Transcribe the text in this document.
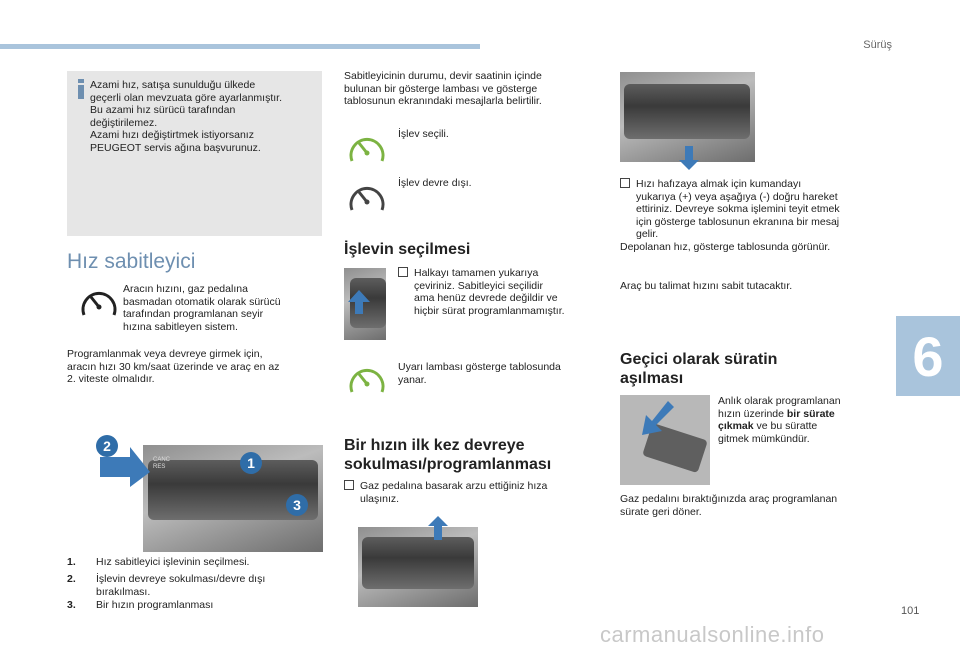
Sürüş
6
Azami hız, satışa sunulduğu ülkede
geçerli olan mevzuata göre ayarlanmıştır.
Bu azami hız sürücü tarafından
değiştirilemez.
Azami hızı değiştirtmek istiyorsanız
PEUGEOT servis ağına başvurunuz.
Hız sabitleyici
Aracın hızını, gaz pedalına
basmadan otomatik olarak sürücü
tarafından programlanan seyir
hızına sabitleyen sistem.
Programlanmak veya devreye girmek için,
aracın hızı 30 km/saat üzerinde ve araç en az
2. viteste olmalıdır.
CANC
RES
2
1
3
1. Hız sabitleyici işlevinin seçilmesi.
2. İşlevin devreye sokulması/devre dışı
bırakılması.
3. Bir hızın programlanması
Sabitleyicinin durumu, devir saatinin içinde
bulunan bir gösterge lambası ve gösterge
tablosunun ekranındaki mesajlarla belirtilir.
İşlev seçili.
İşlev devre dışı.
İşlevin seçilmesi
Halkayı tamamen yukarıya
çeviriniz. Sabitleyici seçilidir
ama henüz devrede değildir ve
hiçbir sürat programlanmamıştır.
Uyarı lambası gösterge tablosunda
yanar.
Bir hızın ilk kez devreye
sokulması/programlanması
Gaz pedalına basarak arzu ettiğiniz hıza
ulaşınız.
Hızı hafızaya almak için kumandayı
yukarıya (+) veya aşağıya (-) doğru hareket
ettiriniz. Devreye sokma işlemini teyit etmek
için gösterge tablosunun ekranına bir mesaj
gelir.
Depolanan hız, gösterge tablosunda görünür.
Araç bu talimat hızını sabit tutacaktır.
Geçici olarak süratin
aşılması
Anlık olarak programlanan
hızın üzerinde bir sürate
çıkmak ve bu süratte
gitmek mümkündür.
Gaz pedalını bıraktığınızda araç programlanan
sürate geri döner.
101
carmanualsonline.info
